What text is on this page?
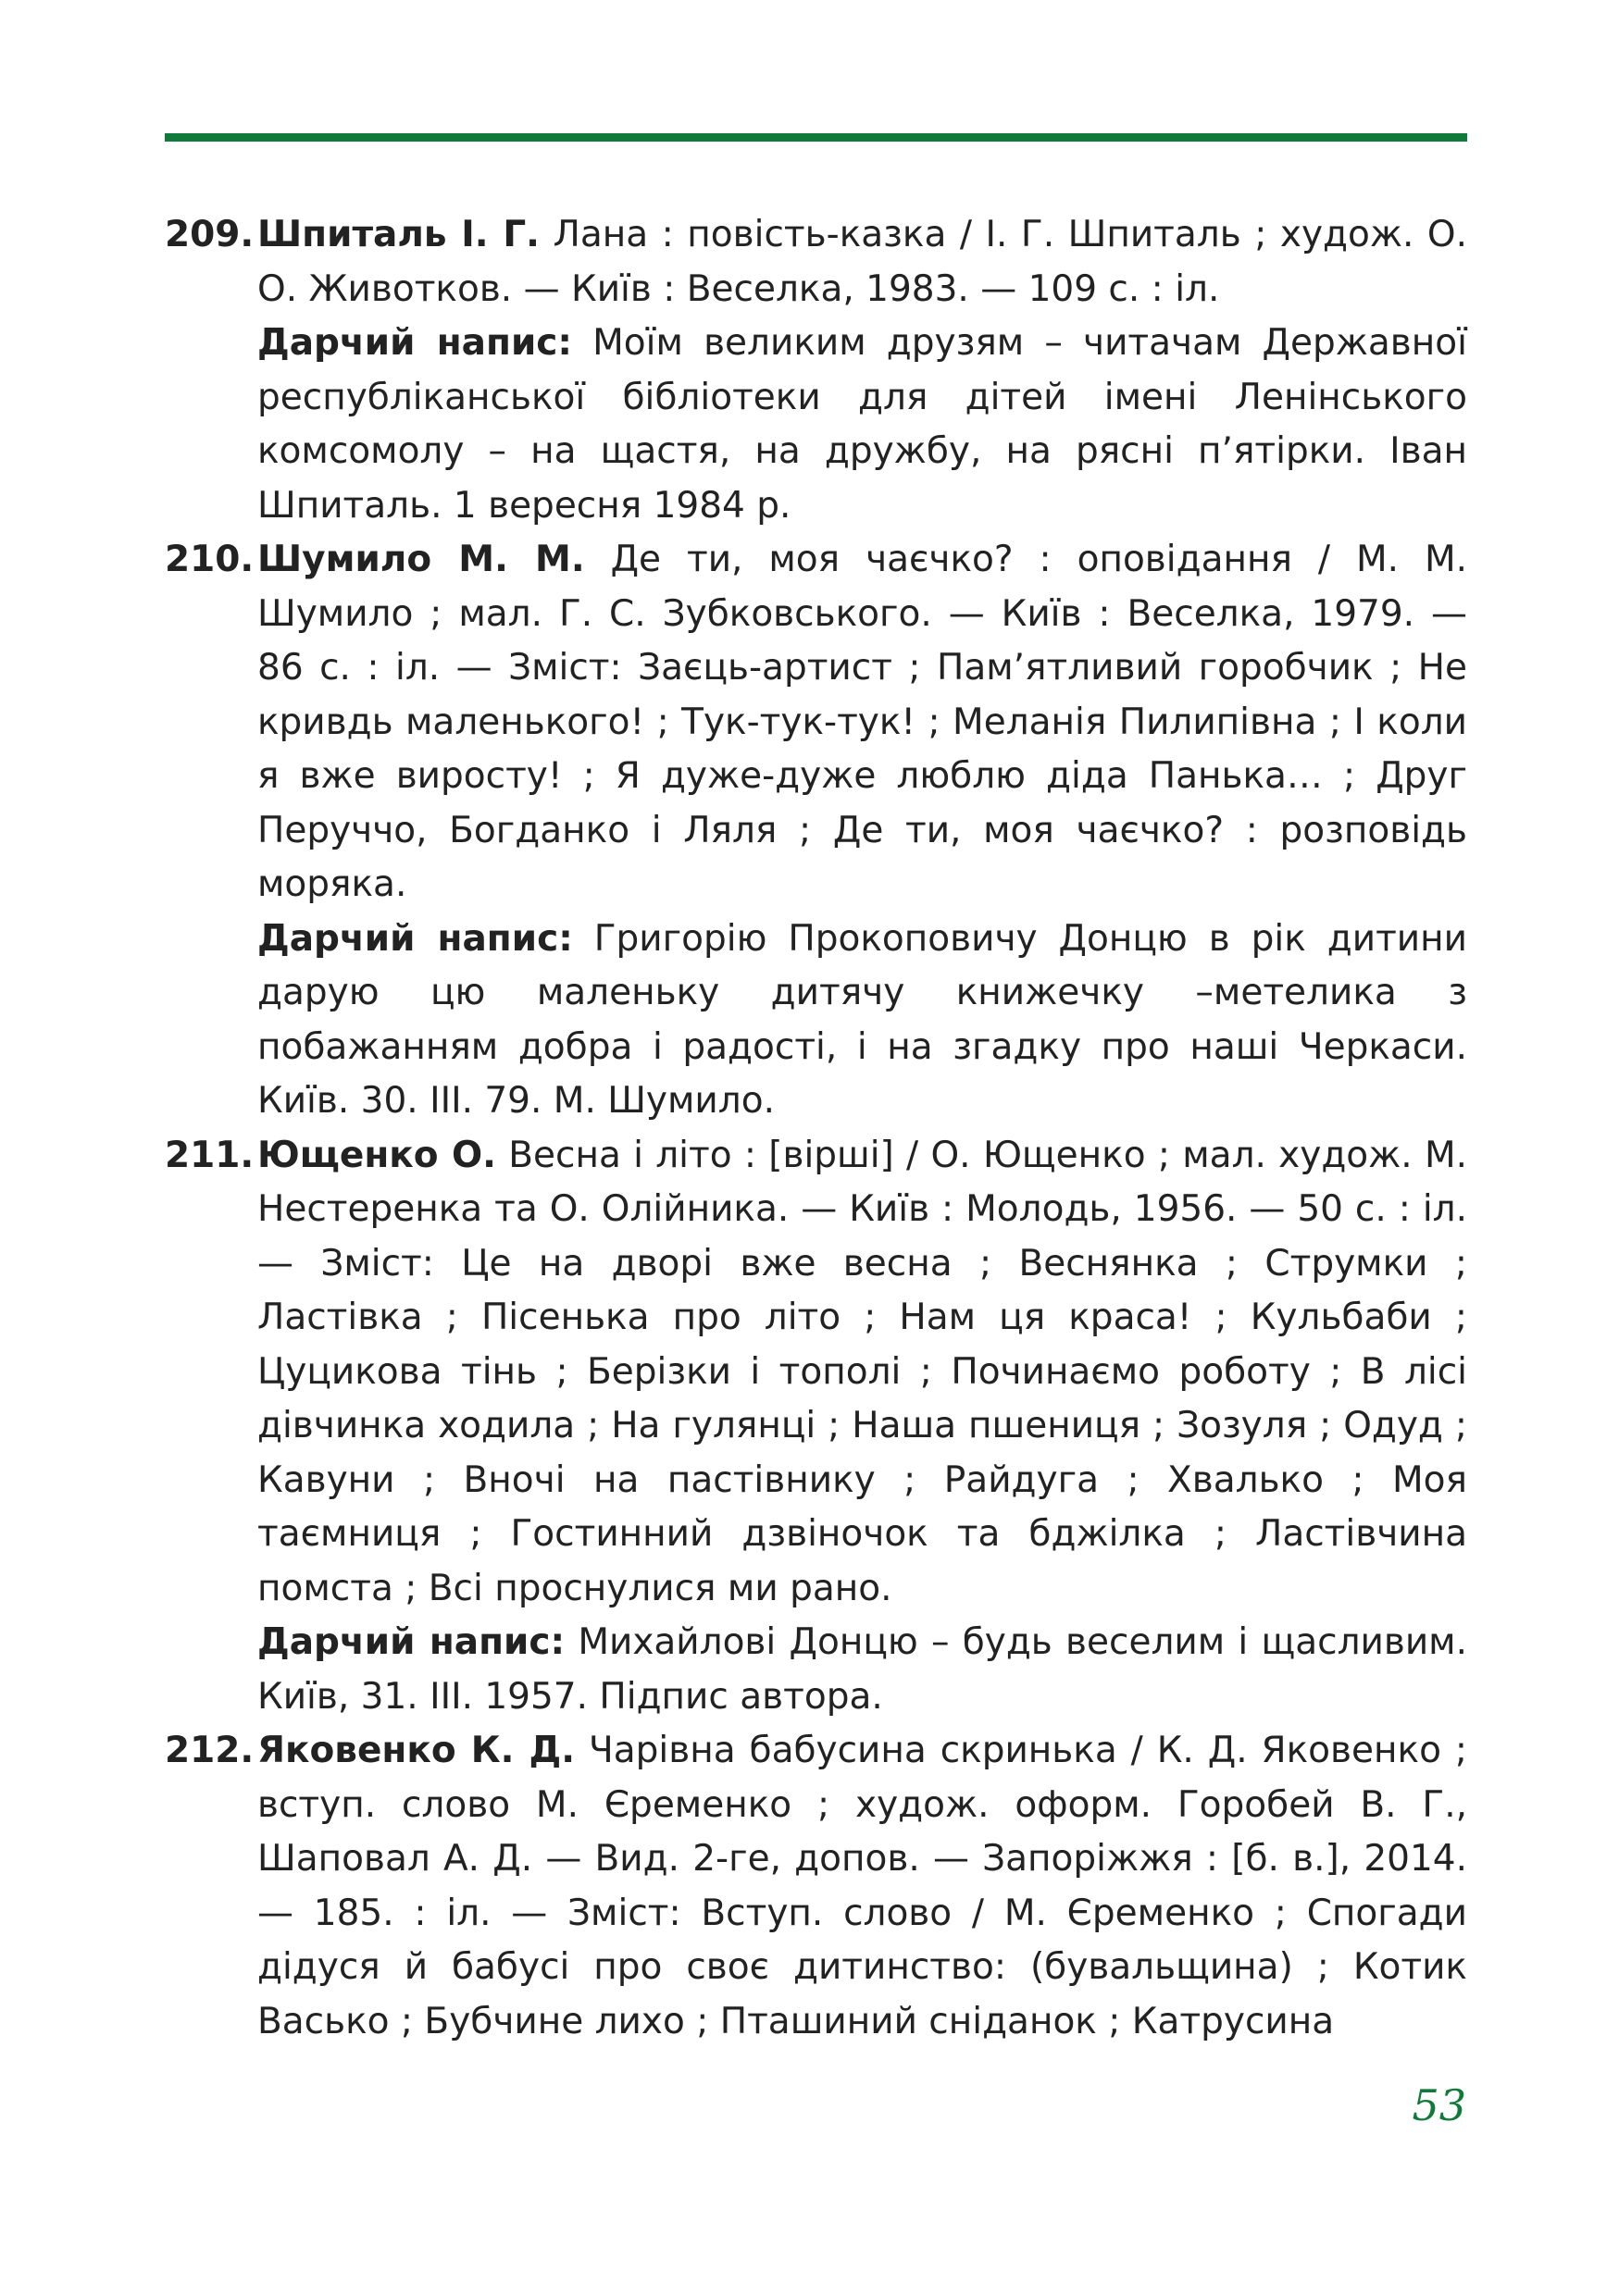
209. Шпиталь І. Г. Лана : повість-казка / І. Г. Шпиталь ; худож. О. О. Животков. — Київ : Веселка, 1983. — 109 с. : іл.

Дарчий напис: Моїм великим друзям – читачам Державної республіканської бібліотеки для дітей імені Ленінського комсомолу – на щастя, на дружбу, на рясні п’ятірки. Іван Шпиталь. 1 вересня 1984 р.

210. Шумило М. М. Де ти, моя чаєчко? : оповідання / М. М. Шумило ; мал. Г. С. Зубковського. — Київ : Веселка, 1979. — 86 с. : іл. — Зміст: Заєць-артист ; Пам’ятливий горобчик ; Не кривдь маленького! ; Тук-тук-тук! ; Меланія Пилипівна ; І коли я вже виросту! ; Я дуже-дуже люблю діда Панька… ; Друг Перуччо, Богданко і Ляля ; Де ти, моя чаєчко? : розповідь моряка.

Дарчий напис: Григорію Прокоповичу Донцю в рік дитини дарую цю маленьку дитячу книжечку –метелика з побажанням добра і радості, і на згадку про наші Черкаси. Київ. 30. ІІІ. 79. М. Шумило.

211. Ющенко О. Весна і літо : [вірші] / О. Ющенко ; мал. худож. М. Нестеренка та О. Олійника. — Київ : Молодь, 1956. — 50 с. : іл. — Зміст: Це на дворі вже весна ; Веснянка ; Струмки ; Ластівка ; Пісенька про літо ; Нам ця краса! ; Кульбаби ; Цуцикова тінь ; Берізки і тополі ; Починаємо роботу ; В лісі дівчинка ходила ; На гулянці ; Наша пшениця ; Зозуля ; Одуд ; Кавуни ; Вночі на пастівнику ; Райдуга ; Хвалько ; Моя таємниця ; Гостинний дзвіночок та бджілка ; Ластівчина помста ; Всі проснулися ми рано.

Дарчий напис: Михайлові Донцю – будь веселим і щасливим. Київ, 31. ІІІ. 1957. Підпис автора.

212. Яковенко К. Д. Чарівна бабусина скринька / К. Д. Яковенко ; вступ. слово М. Єременко ; худож. оформ. Горобей В. Г., Шаповал А. Д. — Вид. 2-ге, допов. — Запоріжжя : [б. в.], 2014. — 185. : іл. — Зміст: Вступ. слово / М. Єременко ; Спогади дідуся й бабусі про своє дитинство: (бувальщина) ; Котик Васько ; Бубчине лихо ; Пташиний сніданок ; Катрусина

53
